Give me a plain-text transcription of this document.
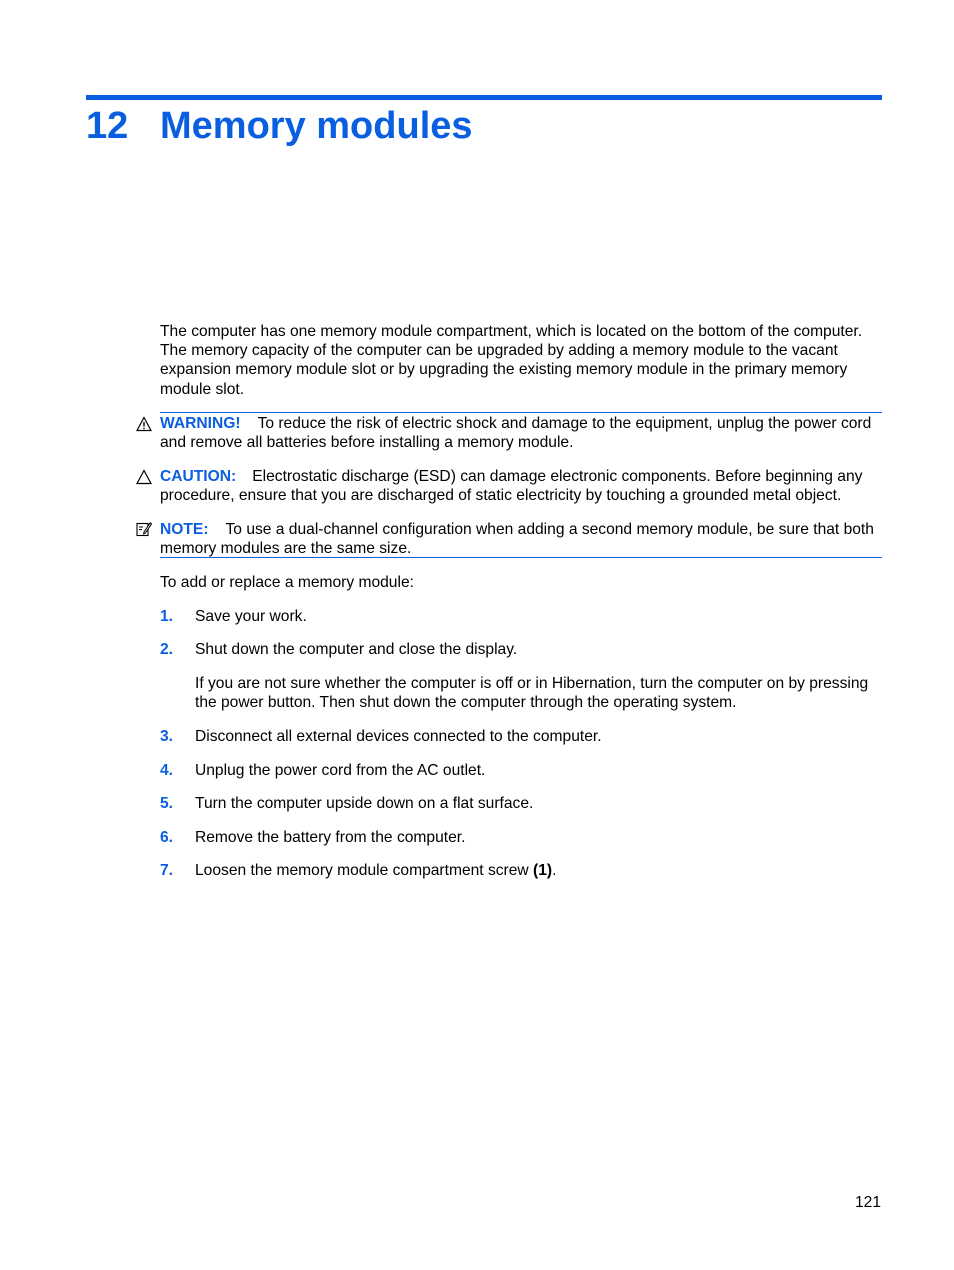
12 Memory modules

The computer has one memory module compartment, which is located on the bottom of the computer. The memory capacity of the computer can be upgraded by adding a memory module to the vacant expansion memory module slot or by upgrading the existing memory module in the primary memory module slot.

WARNING! To reduce the risk of electric shock and damage to the equipment, unplug the power cord and remove all batteries before installing a memory module.

CAUTION: Electrostatic discharge (ESD) can damage electronic components. Before beginning any procedure, ensure that you are discharged of static electricity by touching a grounded metal object.

NOTE: To use a dual-channel configuration when adding a second memory module, be sure that both memory modules are the same size.

To add or replace a memory module:

1. Save your work.

2. Shut down the computer and close the display.

If you are not sure whether the computer is off or in Hibernation, turn the computer on by pressing the power button. Then shut down the computer through the operating system.

3. Disconnect all external devices connected to the computer.

4. Unplug the power cord from the AC outlet.

5. Turn the computer upside down on a flat surface.

6. Remove the battery from the computer.

7. Loosen the memory module compartment screw (1).

121
